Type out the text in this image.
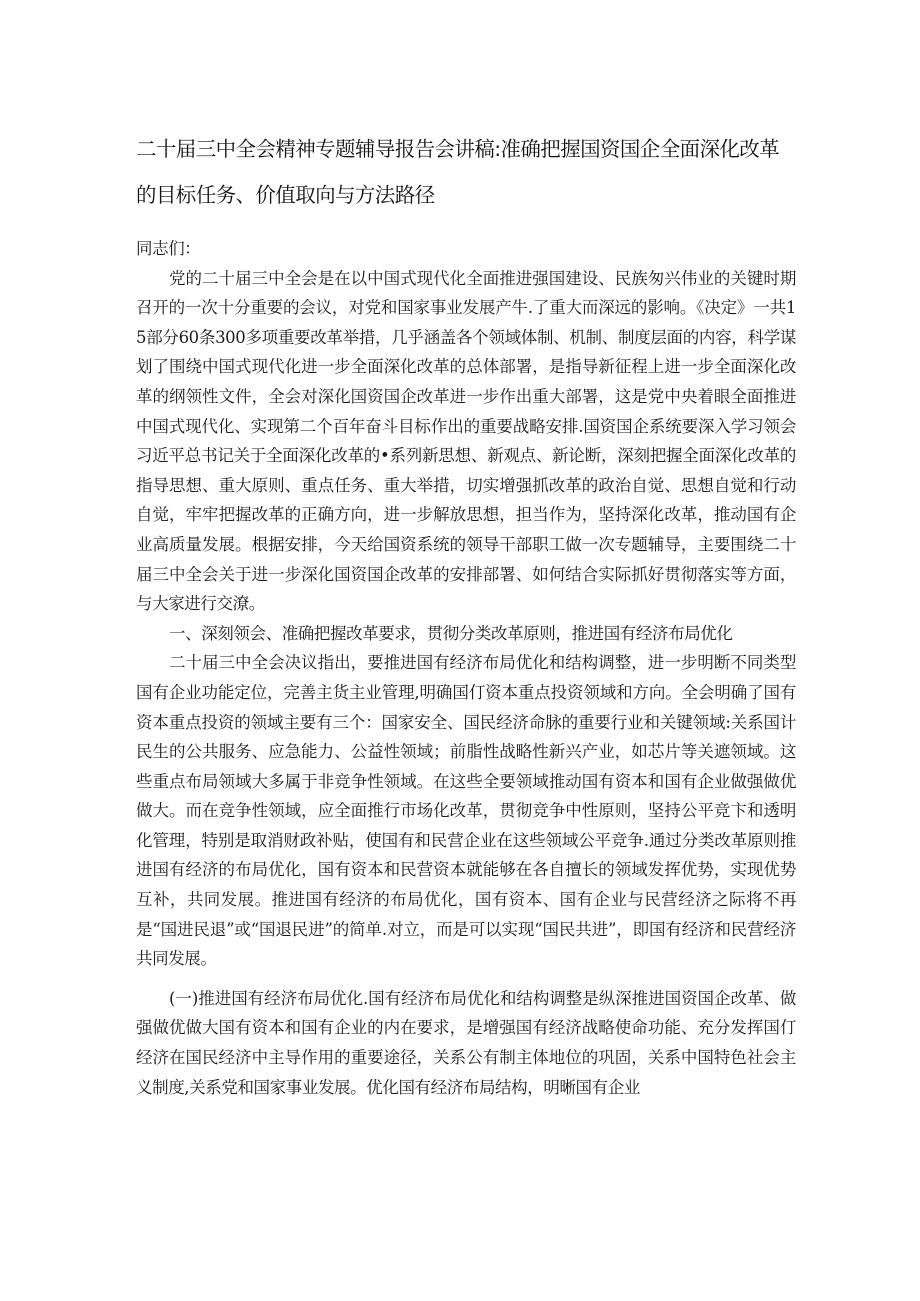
二十届三中全会精神专题辅导报告会讲稿:准确把握国资国企全面深化改革的目标任务、价值取向与方法路径

同志们：

党的二十届三中全会是在以中国式现代化全面推进强国建设、民族匆兴伟业的关键时期召开的一次十分重要的会议，对党和国家事业发展产牛.了重大而深远的影响。《决定》一共15部分60条300多项重要改革举措，几乎涵盖各个领域体制、机制、制度层面的内容，科学谋划了围绕中国式现代化进一步全面深化改革的总体部署，是指导新征程上进一步全面深化改革的纲领性文件，全会对深化国资国企改革进一步作出重大部署，这是党中央着眼全面推进中国式现代化、实现第二个百年奋斗目标作出的重要战略安排.国资国企系统要深入学习领会习近平总书记关于全面深化改革的•系列新思想、新观点、新论断，深刻把握全面深化改革的指导思想、重大原则、重点任务、重大举措，切实增强抓改革的政治自觉、思想自觉和行动自觉，牢牢把握改革的正确方向，进一步解放思想，担当作为，坚持深化改革，推动国有企业高质量发展。根据安排，今天给国资系统的领导干部职工做一次专题辅导，主要围绕二十届三中全会关于进一步深化国资国企改革的安排部署、如何结合实际抓好贯彻落实等方面，与大家进行交潦。

一、深刻领会、准确把握改革要求，贯彻分类改革原则，推进国有经济布局优化

二十届三中全会决议指出，要推进国有经济布局优化和结构调整，进一步明断不同类型国有企业功能定位，完善主货主业管理,明确国仃资本重点投资领域和方向。全会明确了国有资本重点投资的领域主要有三个：国家安全、国民经济命脉的重要行业和关键领域:关系国计民生的公共服务、应急能力、公益性领域；前脂性战略性新兴产业，如芯片等关遮领域。这些重点布局领域大多属于非竞争性领域。在这些全要领域推动国有资本和国有企业做强做优做大。而在竞争性领域，应全面推行市场化改革，贯彻竞争中性原则，坚持公平竞卞和透明化管理，特别是取消财政补贴，使国有和民营企业在这些领域公平竞争.通过分类改革原则推进国有经济的布局优化，国有资本和民营资本就能够在各自擅长的领域发挥优势，实现优势互补，共同发展。推进国有经济的布局优化，国有资本、国有企业与民营经济之际将不再是“国进民退”或“国退民进”的简单.对立，而是可以实现“国民共进”，即国有经济和民营经济共同发展。

(一)推进国有经济布局优化.国有经济布局优化和结构调整是纵深推进国资国企改革、做强做优做大国有资本和国有企业的内在要求，是增强国有经济战略使命功能、充分发挥国仃经济在国民经济中主导作用的重要途径，关系公有制主体地位的巩固，关系中国特色社会主义制度,关系党和国家事业发展。优化国有经济布局结构，明晰国有企业
